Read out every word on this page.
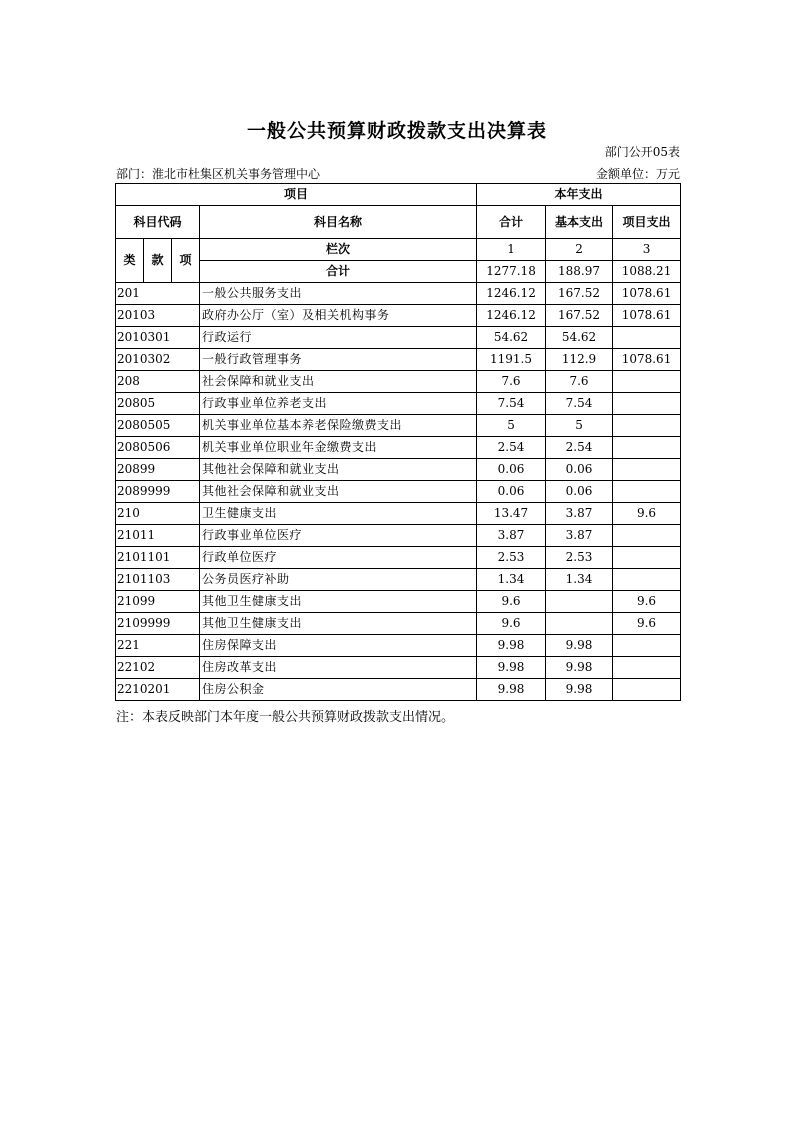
一般公共预算财政拨款支出决算表
部门公开05表
部门：淮北市杜集区机关事务管理中心	金额单位：万元
项目				本年支出		
科目代码			科目名称	合计	基本支出	项目支出
类	款	项				
			栏次	1	2	3
			合计	1277.18	188.97	1088.21
201			一般公共服务支出	1246.12	167.52	1078.61
20103			政府办公厅（室）及相关机构事务	1246.12	167.52	1078.61
2010301			行政运行	54.62	54.62	
2010302			一般行政管理事务	1191.5	112.9	1078.61
208			社会保障和就业支出	7.6	7.6	
20805			行政事业单位养老支出	7.54	7.54	
2080505			机关事业单位基本养老保险缴费支出	5	5	
2080506			机关事业单位职业年金缴费支出	2.54	2.54	
20899			其他社会保障和就业支出	0.06	0.06	
2089999			其他社会保障和就业支出	0.06	0.06	
210			卫生健康支出	13.47	3.87	9.6
21011			行政事业单位医疗	3.87	3.87	
2101101			行政单位医疗	2.53	2.53	
2101103			公务员医疗补助	1.34	1.34	
21099			其他卫生健康支出	9.6		9.6
2109999			其他卫生健康支出	9.6		9.6
221			住房保障支出	9.98	9.98	
22102			住房改革支出	9.98	9.98	
2210201			住房公积金	9.98	9.98	
注：本表反映部门本年度一般公共预算财政拨款支出情况。
